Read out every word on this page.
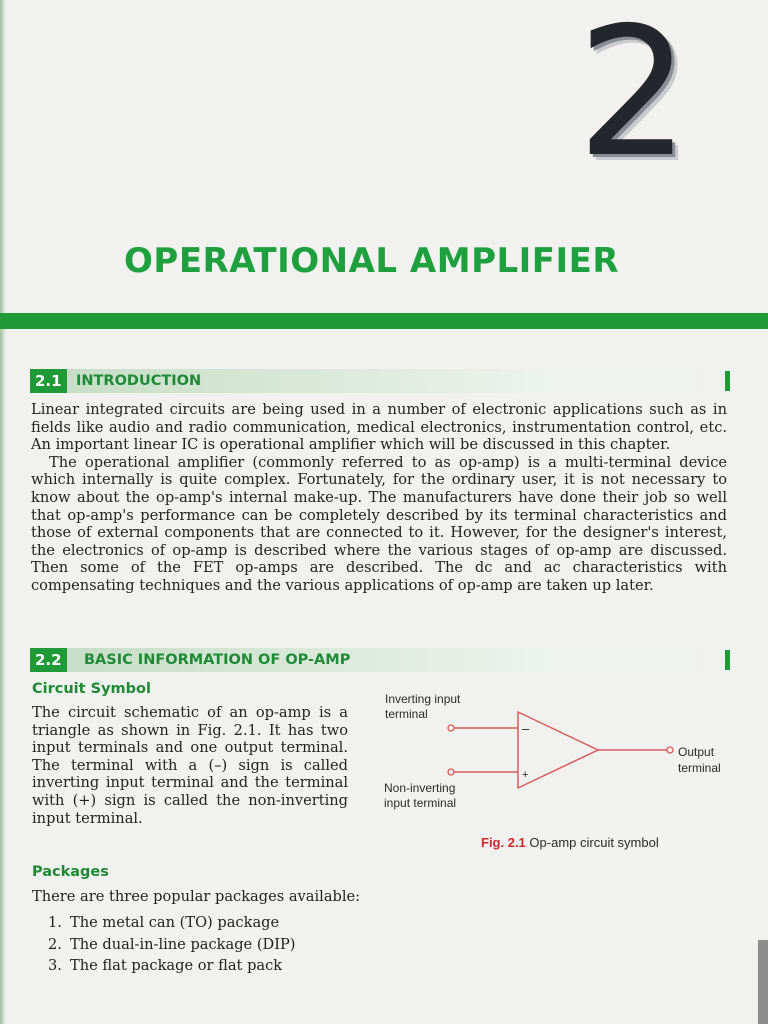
2
OPERATIONAL AMPLIFIER
2.1 INTRODUCTION

Linear integrated circuits are being used in a number of electronic applications such as in fields like audio and radio communication, medical electronics, instrumentation control, etc. An important linear IC is operational amplifier which will be discussed in this chapter.

The operational amplifier (commonly referred to as op-amp) is a multi-terminal device which internally is quite complex. Fortunately, for the ordinary user, it is not necessary to know about the op-amp's internal make-up. The manufacturers have done their job so well that op-amp's performance can be completely described by its terminal characteristics and those of external components that are connected to it. However, for the designer's interest, the electronics of op-amp is described where the various stages of op-amp are discussed. Then some of the FET op-amps are described. The dc and ac characteristics with compensating techniques and the various applications of op-amp are taken up later.

2.2	BASIC INFORMATION OF OP-AMP
Circuit Symbol

The circuit schematic of an op-amp is a triangle as shown in Fig. 2.1. It has two input terminals and one output terminal. The terminal with a (–) sign is called inverting input terminal and the terminal with (+) sign is called the non-inverting input terminal.

Inverting input
terminal
Non-inverting
input terminal
Output
terminal
–
+
Fig. 2.1 Op-amp circuit symbol
Packages

There are three popular packages available:

1. The metal can (TO) package
2. The dual-in-line package (DIP)
3. The flat package or flat pack
